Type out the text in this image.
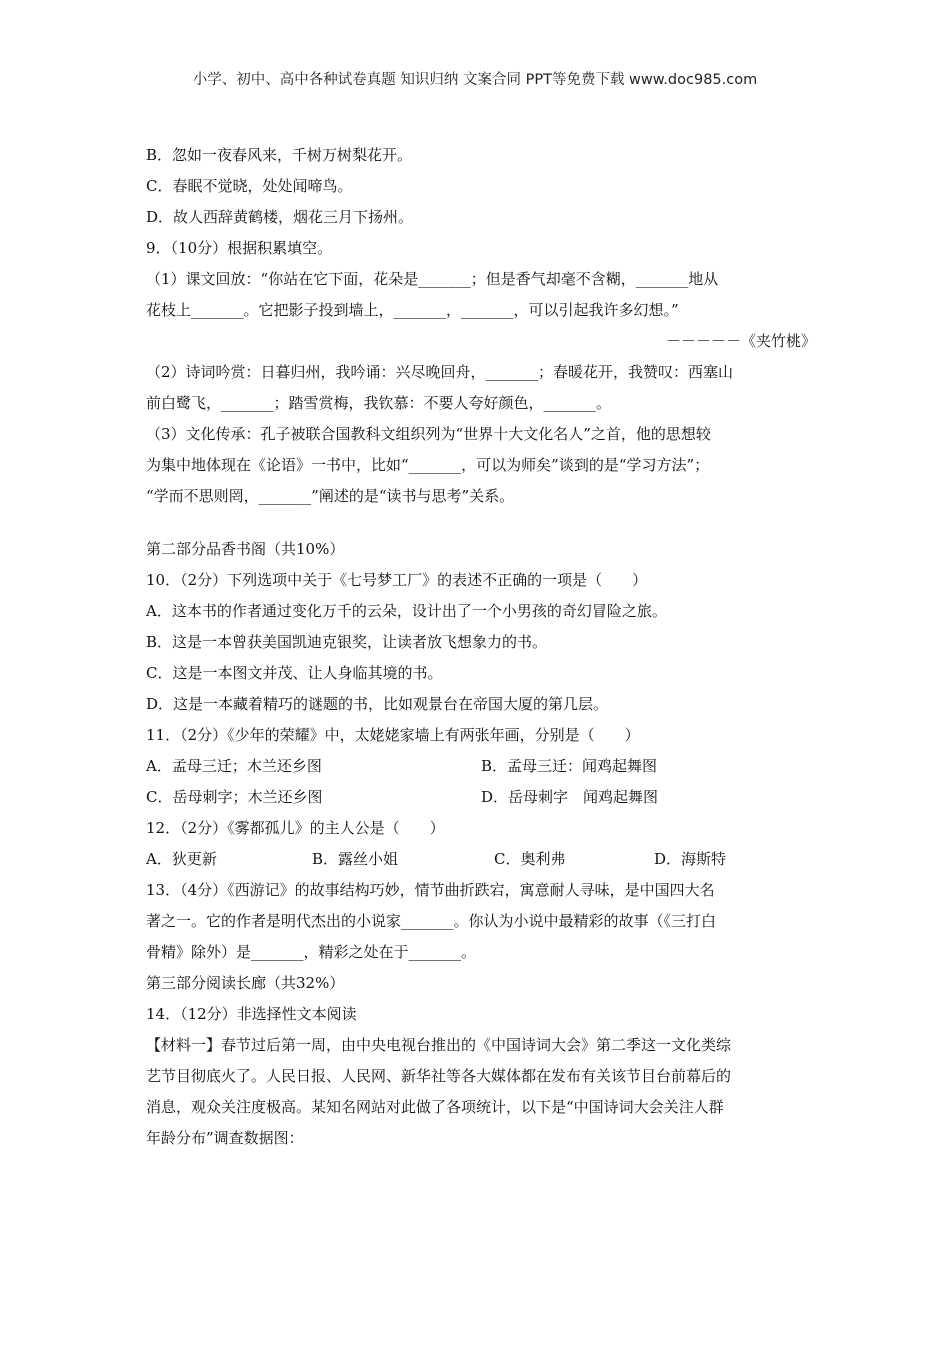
小学、初中、高中各种试卷真题 知识归纳 文案合同 PPT等免费下载 www.doc985.com
B．忽如一夜春风来，千树万树梨花开。
C．春眠不觉晓，处处闻啼鸟。
D．故人西辞黄鹤楼，烟花三月下扬州。
9．（10分）根据积累填空。
（1）课文回放：“你站在它下面，花朵是_______；但是香气却毫不含糊，_______地从
花枝上_______。它把影子投到墙上，_______，_______，可以引起我许多幻想。”
－－－－－《夹竹桃》
（2）诗词吟赏：日暮归州，我吟诵：兴尽晚回舟，_______；春暖花开，我赞叹：西塞山
前白鹭飞，_______；踏雪赏梅，我钦慕：不要人夸好颜色，_______。
（3）文化传承：孔子被联合国教科文组织列为“世界十大文化名人”之首，他的思想较
为集中地体现在《论语》一书中，比如“_______，可以为师矣”谈到的是“学习方法”；
“学而不思则罔，_______”阐述的是“读书与思考”关系。
第二部分品香书阁（共10%）
10．（2分）下列选项中关于《七号梦工厂》的表述不正确的一项是（　　）
A．这本书的作者通过变化万千的云朵，设计出了一个小男孩的奇幻冒险之旅。
B．这是一本曾获美国凯迪克银奖，让读者放飞想象力的书。
C．这是一本图文并茂、让人身临其境的书。
D．这是一本藏着精巧的谜题的书，比如观景台在帝国大厦的第几层。
11．（2分）《少年的荣耀》中，太姥姥家墙上有两张年画，分别是（　　）
A．孟母三迁；木兰还乡图	B．孟母三迁：闻鸡起舞图
C．岳母刺字；木兰还乡图	D．岳母刺字　闻鸡起舞图
12．（2分）《雾都孤儿》的主人公是（　　）
A．狄更新	B．露丝小姐	C．奥利弗	D．海斯特
13．（4分）《西游记》的故事结构巧妙，情节曲折跌宕，寓意耐人寻味，是中国四大名
著之一。它的作者是明代杰出的小说家_______。你认为小说中最精彩的故事（《三打白
骨精》除外）是_______，精彩之处在于_______。
第三部分阅读长廊（共32%）
14．（12分）非选择性文本阅读
【材料一】春节过后第一周，由中央电视台推出的《中国诗词大会》第二季这一文化类综
艺节目彻底火了。人民日报、人民网、新华社等各大媒体都在发布有关该节目台前幕后的
消息，观众关注度极高。某知名网站对此做了各项统计，以下是“中国诗词大会关注人群
年龄分布”调查数据图：
